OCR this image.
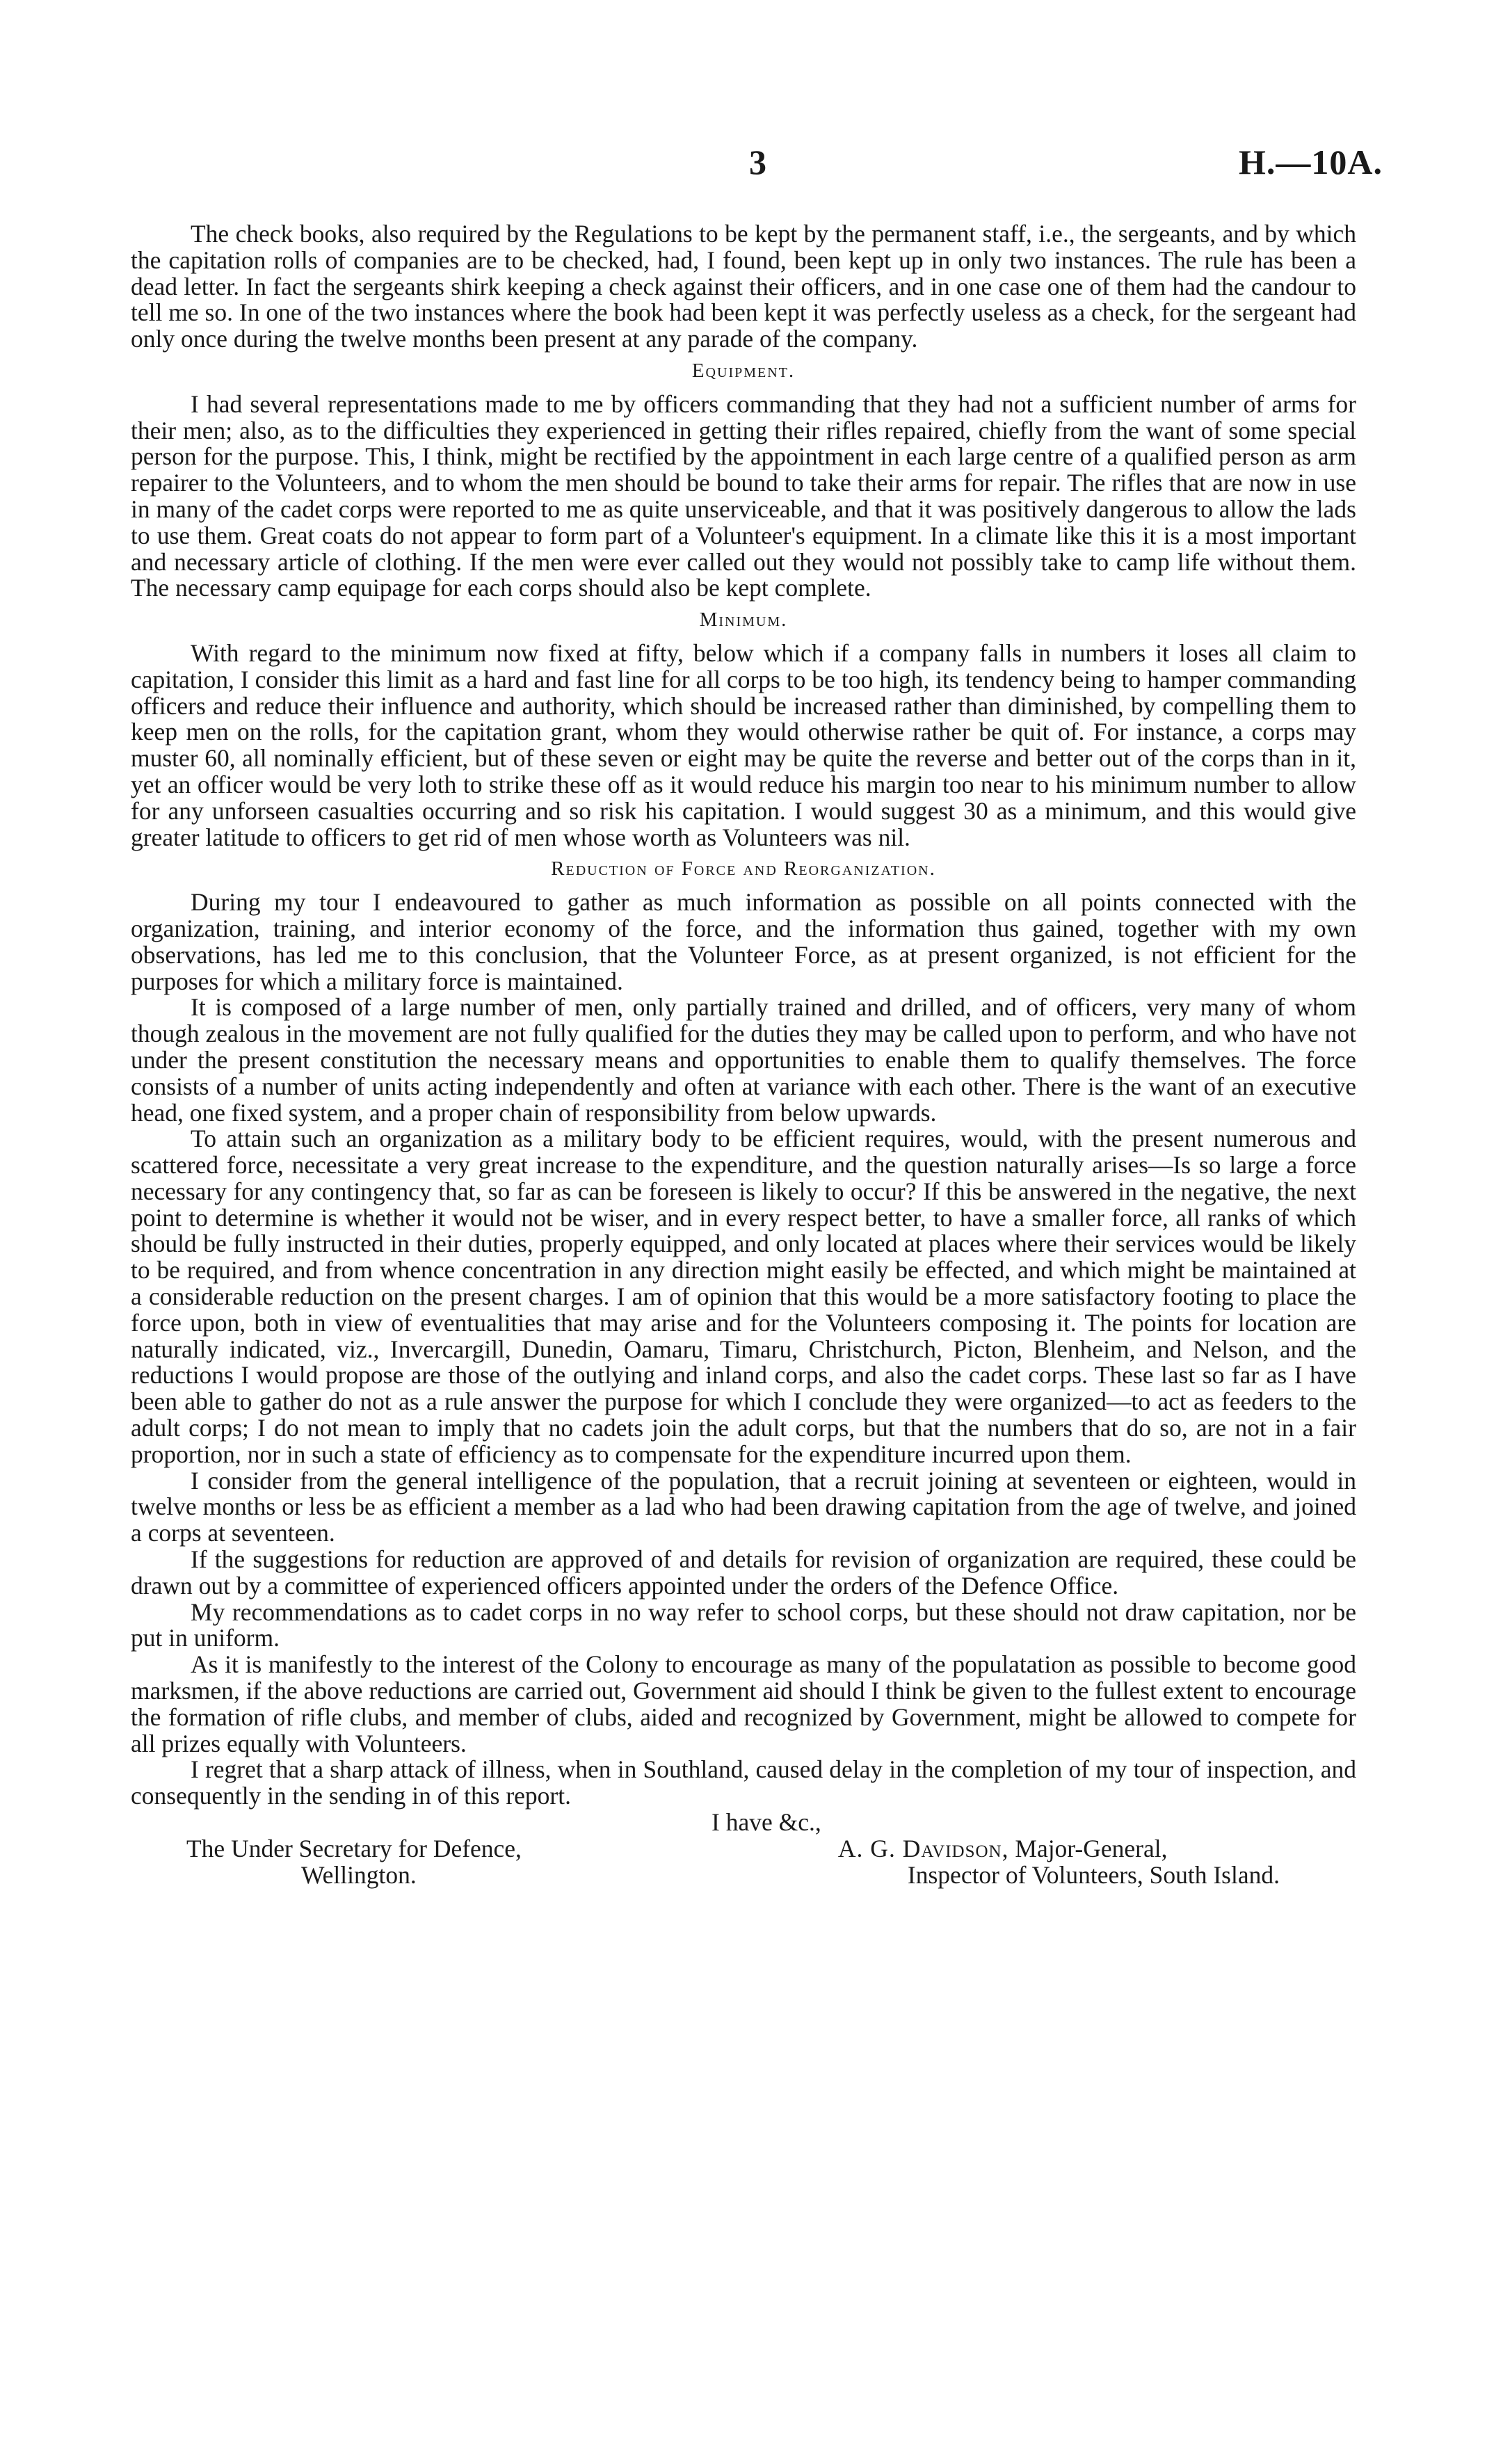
3	H.—10A.

The check books, also required by the Regulations to be kept by the permanent staff, i.e., the sergeants, and by which the capitation rolls of companies are to be checked, had, I found, been kept up in only two instances. The rule has been a dead letter. In fact the sergeants shirk keeping a check against their officers, and in one case one of them had the candour to tell me so. In one of the two instances where the book had been kept it was perfectly useless as a check, for the sergeant had only once during the twelve months been present at any parade of the company.

Equipment.

I had several representations made to me by officers commanding that they had not a sufficient number of arms for their men; also, as to the difficulties they experienced in getting their rifles repaired, chiefly from the want of some special person for the purpose. This, I think, might be rectified by the appointment in each large centre of a qualified person as arm repairer to the Volunteers, and to whom the men should be bound to take their arms for repair. The rifles that are now in use in many of the cadet corps were reported to me as quite unserviceable, and that it was positively dangerous to allow the lads to use them. Great coats do not appear to form part of a Volunteer's equipment. In a climate like this it is a most important and necessary article of clothing. If the men were ever called out they would not possibly take to camp life without them. The necessary camp equipage for each corps should also be kept complete.

Minimum.

With regard to the minimum now fixed at fifty, below which if a company falls in numbers it loses all claim to capitation, I consider this limit as a hard and fast line for all corps to be too high, its tendency being to hamper commanding officers and reduce their influence and authority, which should be increased rather than diminished, by compelling them to keep men on the rolls, for the capitation grant, whom they would otherwise rather be quit of. For instance, a corps may muster 60, all nominally efficient, but of these seven or eight may be quite the reverse and better out of the corps than in it, yet an officer would be very loth to strike these off as it would reduce his margin too near to his minimum number to allow for any unforseen casualties occurring and so risk his capitation. I would suggest 30 as a minimum, and this would give greater latitude to officers to get rid of men whose worth as Volunteers was nil.

Reduction of Force and Reorganization.

During my tour I endeavoured to gather as much information as possible on all points connected with the organization, training, and interior economy of the force, and the information thus gained, together with my own observations, has led me to this conclusion, that the Volunteer Force, as at present organized, is not efficient for the purposes for which a military force is maintained.

It is composed of a large number of men, only partially trained and drilled, and of officers, very many of whom though zealous in the movement are not fully qualified for the duties they may be called upon to perform, and who have not under the present constitution the necessary means and opportunities to enable them to qualify themselves. The force consists of a number of units acting independently and often at variance with each other. There is the want of an executive head, one fixed system, and a proper chain of responsibility from below upwards.

To attain such an organization as a military body to be efficient requires, would, with the present numerous and scattered force, necessitate a very great increase to the expenditure, and the question naturally arises—Is so large a force necessary for any contingency that, so far as can be foreseen is likely to occur? If this be answered in the negative, the next point to determine is whether it would not be wiser, and in every respect better, to have a smaller force, all ranks of which should be fully instructed in their duties, properly equipped, and only located at places where their services would be likely to be required, and from whence concentration in any direction might easily be effected, and which might be maintained at a considerable reduction on the present charges. I am of opinion that this would be a more satisfactory footing to place the force upon, both in view of eventualities that may arise and for the Volunteers composing it. The points for location are naturally indicated, viz., Invercargill, Dunedin, Oamaru, Timaru, Christchurch, Picton, Blenheim, and Nelson, and the reductions I would propose are those of the outlying and inland corps, and also the cadet corps. These last so far as I have been able to gather do not as a rule answer the purpose for which I conclude they were organized—to act as feeders to the adult corps; I do not mean to imply that no cadets join the adult corps, but that the numbers that do so, are not in a fair proportion, nor in such a state of efficiency as to compensate for the expenditure incurred upon them.

I consider from the general intelligence of the population, that a recruit joining at seventeen or eighteen, would in twelve months or less be as efficient a member as a lad who had been drawing capitation from the age of twelve, and joined a corps at seventeen.

If the suggestions for reduction are approved of and details for revision of organization are required, these could be drawn out by a committee of experienced officers appointed under the orders of the Defence Office.

My recommendations as to cadet corps in no way refer to school corps, but these should not draw capitation, nor be put in uniform.

As it is manifestly to the interest of the Colony to encourage as many of the populatation as possible to become good marksmen, if the above reductions are carried out, Government aid should I think be given to the fullest extent to encourage the formation of rifle clubs, and member of clubs, aided and recognized by Government, might be allowed to compete for all prizes equally with Volunteers.

I regret that a sharp attack of illness, when in Southland, caused delay in the completion of my tour of inspection, and consequently in the sending in of this report.

I have &c.,
The Under Secretary for Defence,
Wellington.
A. G. Davidson, Major-General,
Inspector of Volunteers, South Island.
